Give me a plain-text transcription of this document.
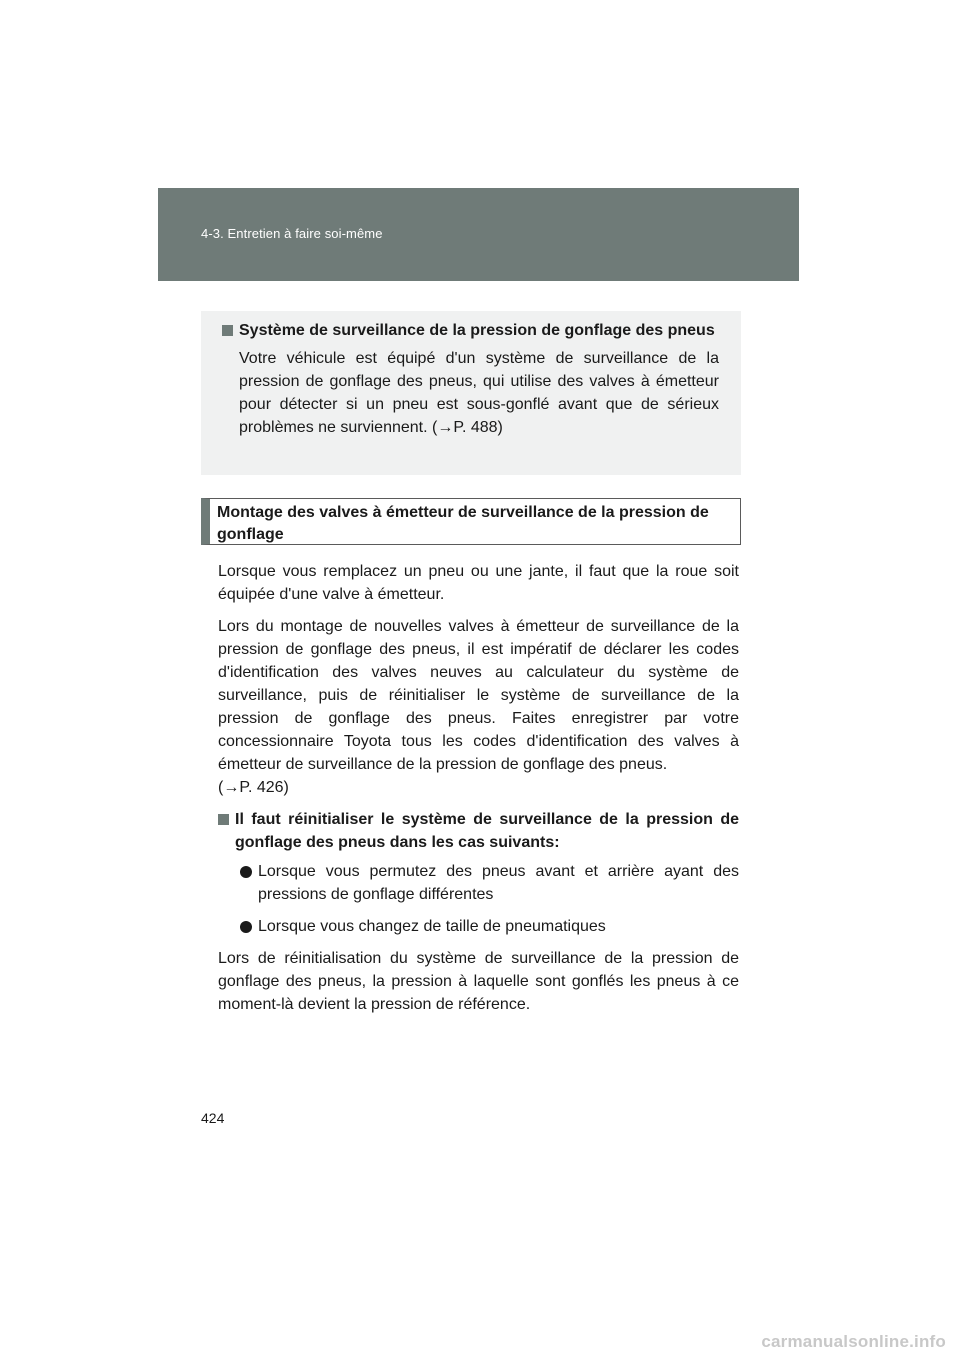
4-3. Entretien à faire soi-même
Système de surveillance de la pression de gonflage des pneus
Votre véhicule est équipé d'un système de surveillance de la pression de gonflage des pneus, qui utilise des valves à émetteur pour détecter si un pneu est sous-gonflé avant que de sérieux problèmes ne surviennent. (→P. 488)
Montage des valves à émetteur de surveillance de la pression de gonflage
Lorsque vous remplacez un pneu ou une jante, il faut que la roue soit équipée d'une valve à émetteur.
Lors du montage de nouvelles valves à émetteur de surveillance de la pression de gonflage des pneus, il est impératif de déclarer les codes d'identification des valves neuves au calculateur du système de surveillance, puis de réinitialiser le système de surveillance de la pression de gonflage des pneus. Faites enregistrer par votre concessionnaire Toyota tous les codes d'identification des valves à émetteur de surveillance de la pression de gonflage des pneus.
(→P. 426)
Il faut réinitialiser le système de surveillance de la pression de gonflage des pneus dans les cas suivants:
Lorsque vous permutez des pneus avant et arrière ayant des pressions de gonflage différentes
Lorsque vous changez de taille de pneumatiques
Lors de réinitialisation du système de surveillance de la pression de gonflage des pneus, la pression à laquelle sont gonflés les pneus à ce moment-là devient la pression de référence.
424
carmanualsonline.info
